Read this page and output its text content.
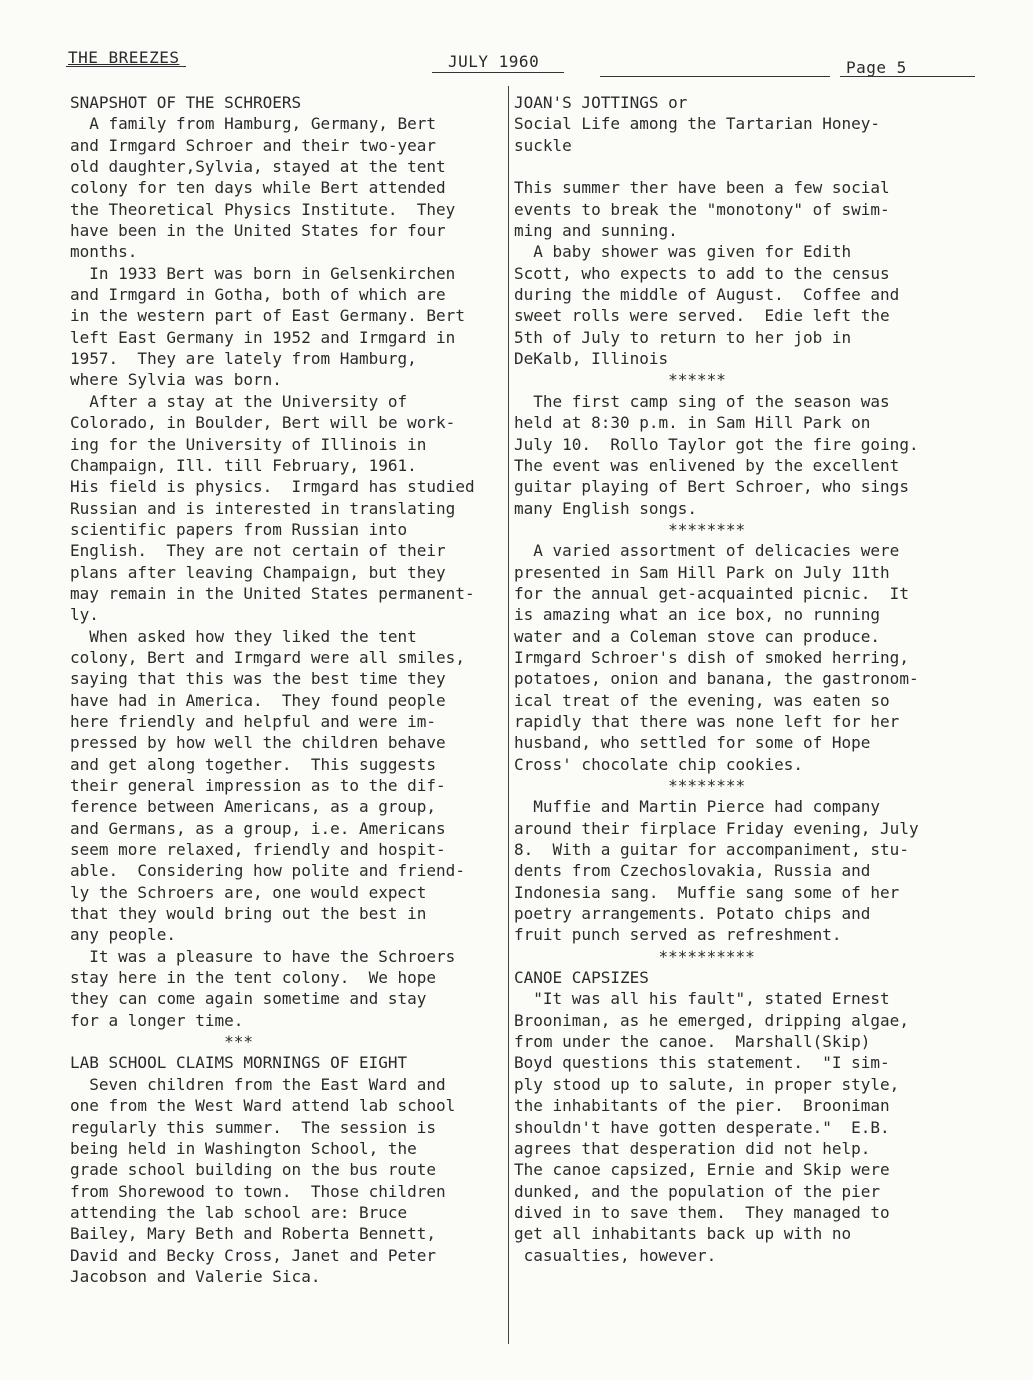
THE BREEZES	JULY 1960	Page 5
SNAPSHOT OF THE SCHROERS
A family from Hamburg, Germany, Bert
and Irmgard Schroer and their two-year
old daughter,Sylvia, stayed at the tent
colony for ten days while Bert attended
the Theoretical Physics Institute.  They
have been in the United States for four
months.
In 1933 Bert was born in Gelsenkirchen
and Irmgard in Gotha, both of which are
in the western part of East Germany. Bert
left East Germany in 1952 and Irmgard in
1957.  They are lately from Hamburg,
where Sylvia was born.
After a stay at the University of
Colorado, in Boulder, Bert will be work-
ing for the University of Illinois in
Champaign, Ill. till February, 1961.
His field is physics.  Irmgard has studied
Russian and is interested in translating
scientific papers from Russian into
English.  They are not certain of their
plans after leaving Champaign, but they
may remain in the United States permanent-
ly.
When asked how they liked the tent
colony, Bert and Irmgard were all smiles,
saying that this was the best time they
have had in America.  They found people
here friendly and helpful and were im-
pressed by how well the children behave
and get along together.  This suggests
their general impression as to the dif-
ference between Americans, as a group,
and Germans, as a group, i.e. Americans
seem more relaxed, friendly and hospit-
able.  Considering how polite and friend-
ly the Schroers are, one would expect
that they would bring out the best in
any people.
It was a pleasure to have the Schroers
stay here in the tent colony.  We hope
they can come again sometime and stay
for a longer time.
***
LAB SCHOOL CLAIMS MORNINGS OF EIGHT
Seven children from the East Ward and
one from the West Ward attend lab school
regularly this summer.  The session is
being held in Washington School, the
grade school building on the bus route
from Shorewood to town.  Those children
attending the lab school are: Bruce
Bailey, Mary Beth and Roberta Bennett,
David and Becky Cross, Janet and Peter
Jacobson and Valerie Sica.
JOAN'S JOTTINGS or
Social Life among the Tartarian Honey-
suckle
This summer ther have been a few social
events to break the "monotony" of swim-
ming and sunning.
A baby shower was given for Edith
Scott, who expects to add to the census
during the middle of August.  Coffee and
sweet rolls were served.  Edie left the
5th of July to return to her job in
DeKalb, Illinois
******
The first camp sing of the season was
held at 8:30 p.m. in Sam Hill Park on
July 10.  Rollo Taylor got the fire going.
The event was enlivened by the excellent
guitar playing of Bert Schroer, who sings
many English songs.
********
A varied assortment of delicacies were
presented in Sam Hill Park on July 11th
for the annual get-acquainted picnic.  It
is amazing what an ice box, no running
water and a Coleman stove can produce.
Irmgard Schroer's dish of smoked herring,
potatoes, onion and banana, the gastronom-
ical treat of the evening, was eaten so
rapidly that there was none left for her
husband, who settled for some of Hope
Cross' chocolate chip cookies.
********
Muffie and Martin Pierce had company
around their firplace Friday evening, July
8.  With a guitar for accompaniment, stu-
dents from Czechoslovakia, Russia and
Indonesia sang.  Muffie sang some of her
poetry arrangements. Potato chips and
fruit punch served as refreshment.
**********
CANOE CAPSIZES
"It was all his fault", stated Ernest
Brooniman, as he emerged, dripping algae,
from under the canoe.  Marshall(Skip)
Boyd questions this statement.  "I sim-
ply stood up to salute, in proper style,
the inhabitants of the pier.  Brooniman
shouldn't have gotten desperate."  E.B.
agrees that desperation did not help.
The canoe capsized, Ernie and Skip were
dunked, and the population of the pier
dived in to save them.  They managed to
get all inhabitants back up with no
casualties, however.
